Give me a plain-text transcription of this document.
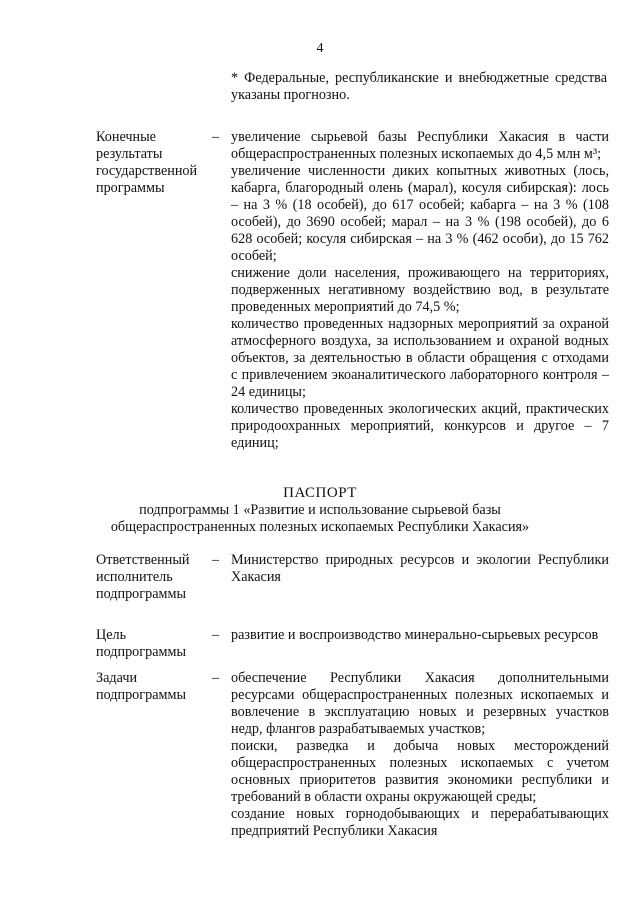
4
* Федеральные, республиканские и внебюджетные средства указаны прогнозно.
Конечные результаты государственной программы
– увеличение сырьевой базы Республики Хакасия в части общераспространенных полезных ископаемых до 4,5 млн м³;
увеличение численности диких копытных животных (лось, кабарга, благородный олень (марал), косуля сибирская): лось – на 3 % (18 особей), до 617 особей; кабарга – на 3 % (108 особей), до 3690 особей; марал – на 3 % (198 особей), до 6 628 особей; косуля сибирская – на 3 % (462 особи), до 15 762 особей;
снижение доли населения, проживающего на территориях, подверженных негативному воздействию вод, в результате проведенных мероприятий до 74,5 %;
количество проведенных надзорных мероприятий за охраной атмосферного воздуха, за использованием и охраной водных объектов, за деятельностью в области обращения с отходами с привлечением экоаналитического лабораторного контроля – 24 единицы;
количество проведенных экологических акций, практических природоохранных мероприятий, конкурсов и другое – 7 единиц;
ПАСПОРТ
подпрограммы 1 «Развитие и использование сырьевой базы
общераспространенных полезных ископаемых Республики Хакасия»
Ответственный исполнитель подпрограммы
– Министерство природных ресурсов и экологии Республики Хакасия
Цель подпрограммы
– развитие и воспроизводство минерально-сырьевых ресурсов
Задачи подпрограммы
– обеспечение Республики Хакасия дополнительными ресурсами общераспространенных полезных ископаемых и вовлечение в эксплуатацию новых и резервных участков недр, флангов разрабатываемых участков;
поиски, разведка и добыча новых месторождений общераспространенных полезных ископаемых с учетом основных приоритетов развития экономики республики и требований в области охраны окружающей среды;
создание новых горнодобывающих и перерабатывающих предприятий Республики Хакасия
